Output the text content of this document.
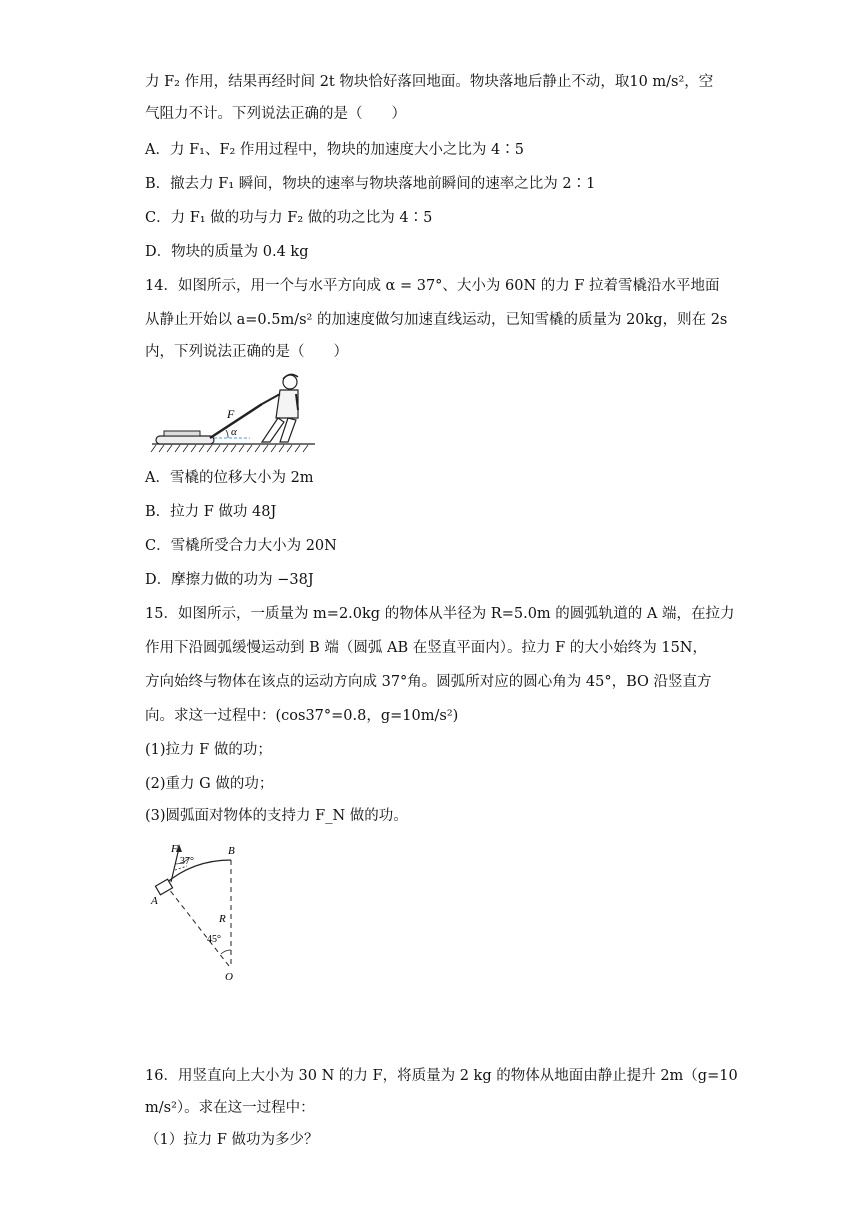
力 F₂ 作用，结果再经时间 2t 物块恰好落回地面。物块落地后静止不动，取10 m/s²，空
气阻力不计。下列说法正确的是（　　）
A．力 F₁、F₂ 作用过程中，物块的加速度大小之比为 4∶5
B．撤去力 F₁ 瞬间，物块的速率与物块落地前瞬间的速率之比为 2∶1
C．力 F₁ 做的功与力 F₂ 做的功之比为 4∶5
D．物块的质量为 0.4 kg
14．如图所示，用一个与水平方向成 α = 37°、大小为 60N 的力 F 拉着雪橇沿水平地面
从静止开始以 a=0.5m/s² 的加速度做匀加速直线运动，已知雪橇的质量为 20kg，则在 2s
内，下列说法正确的是（　　）
α
F
A．雪橇的位移大小为 2m
B．拉力 F 做功 48J
C．雪橇所受合力大小为 20N
D．摩擦力做的功为 −38J
15．如图所示，一质量为 m=2.0kg 的物体从半径为 R=5.0m 的圆弧轨道的 A 端，在拉力
作用下沿圆弧缓慢运动到 B 端（圆弧 AB 在竖直平面内）。拉力 F 的大小始终为 15N，
方向始终与物体在该点的运动方向成 37°角。圆弧所对应的圆心角为 45°，BO 沿竖直方
向。求这一过程中：(cos37°=0.8，g=10m/s²)
(1)拉力 F 做的功；
(2)重力 G 做的功；
(3)圆弧面对物体的支持力 F_N 做的功。
F
37°
B
A
R
45°
O
16．用竖直向上大小为 30 N 的力 F，将质量为 2 kg 的物体从地面由静止提升 2m（g=10
m/s²）。求在这一过程中：
（1）拉力 F 做功为多少？
